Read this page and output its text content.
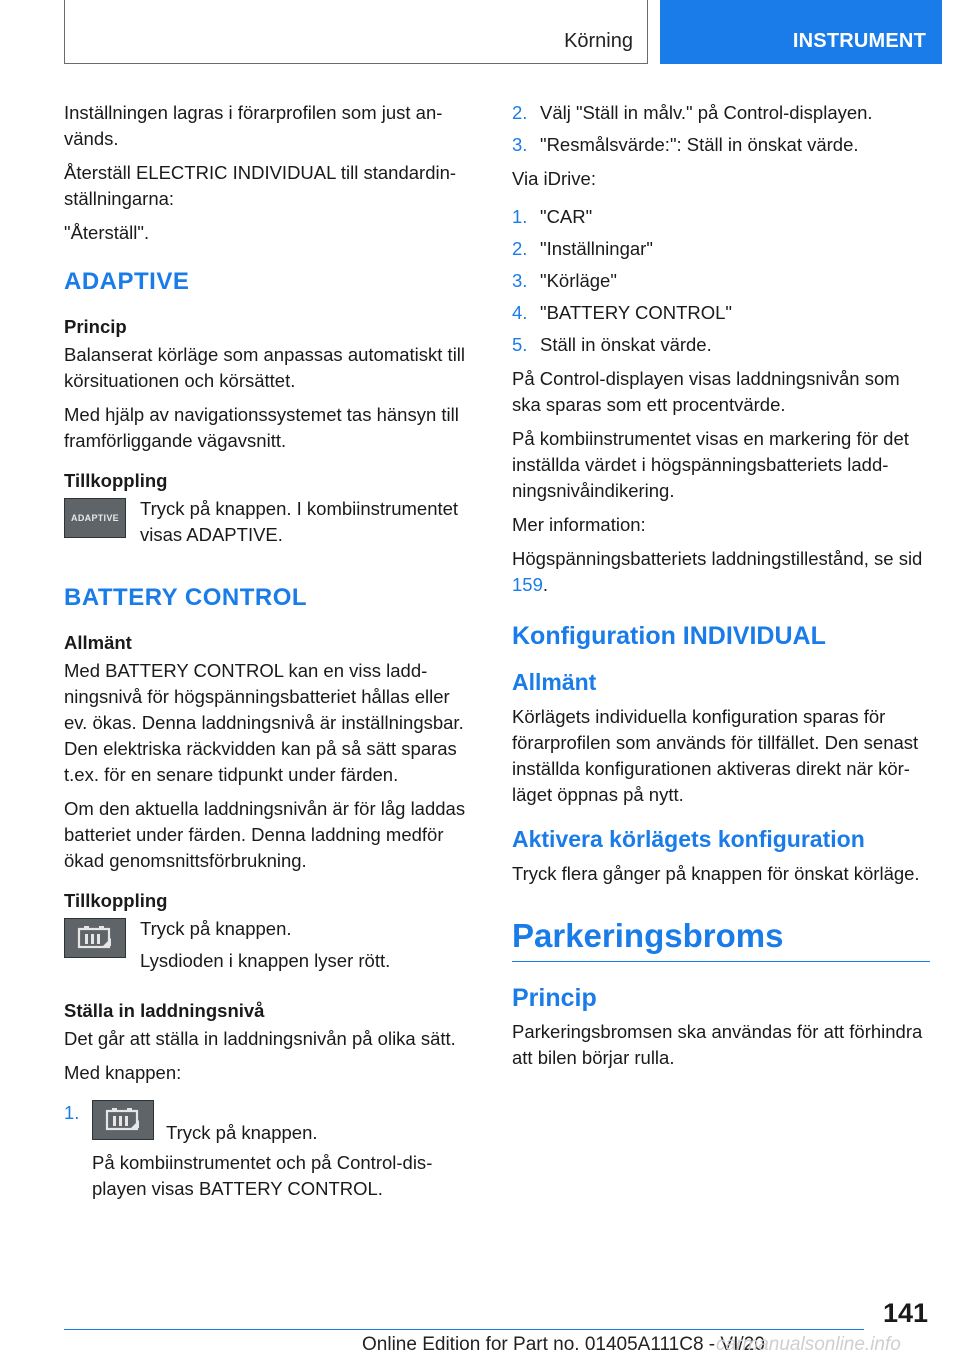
Körning	INSTRUMENT

Inställningen lagras i förarprofilen som just används.

Återställ ELECTRIC INDIVIDUAL till standardinställningarna:

"Återställ".

ADAPTIVE
Princip

Balanserat körläge som anpassas automatiskt till körsituationen och körsättet.

Med hjälp av navigationssystemet tas hänsyn till framförliggande vägavsnitt.

Tillkoppling
ADAPTIVE Tryck på knappen. I kombiinstrumentet visas ADAPTIVE.

BATTERY CONTROL
Allmänt

Med BATTERY CONTROL kan en viss laddningsnivå för högspänningsbatteriet hållas eller ev. ökas. Denna laddningsnivå är inställningsbar. Den elektriska räckvidden kan på så sätt sparas t.ex. för en senare tidpunkt under färden.

Om den aktuella laddningsnivån är för låg laddas batteriet under färden. Denna laddning medför ökad genomsnittsförbrukning.

Tillkoppling

Tryck på knappen.

Lysdioden i knappen lyser rött.

Ställa in laddningsnivå

Det går att ställa in laddningsnivån på olika sätt.

Med knappen:

1.
Tryck på knappen.
På kombiinstrumentet och på Control-displayen visas BATTERY CONTROL.
2. Välj "Ställ in målv." på Control-displayen.
3. "Resmålsvärde:": Ställ in önskat värde.

Via iDrive:

1. "CAR"
2. "Inställningar"
3. "Körläge"
4. "BATTERY CONTROL"
5. Ställ in önskat värde.

På Control-displayen visas laddningsnivån som ska sparas som ett procentvärde.

På kombiinstrumentet visas en markering för det inställda värdet i högspänningsbatteriets laddningsnivåindikering.

Mer information:

Högspänningsbatteriets laddningstillestånd, se sid 159.

Konfiguration INDIVIDUAL
Allmänt

Körlägets individuella konfiguration sparas för förarprofilen som används för tillfället. Den senast inställda konfigurationen aktiveras direkt när körläget öppnas på nytt.

Aktivera körlägets konfiguration

Tryck flera gånger på knappen för önskat körläge.

Parkeringsbroms
Princip

Parkeringsbromsen ska användas för att förhindra att bilen börjar rulla.

141
Online Edition for Part no. 01405A111C8 - VI/20
carmanualsonline.info
